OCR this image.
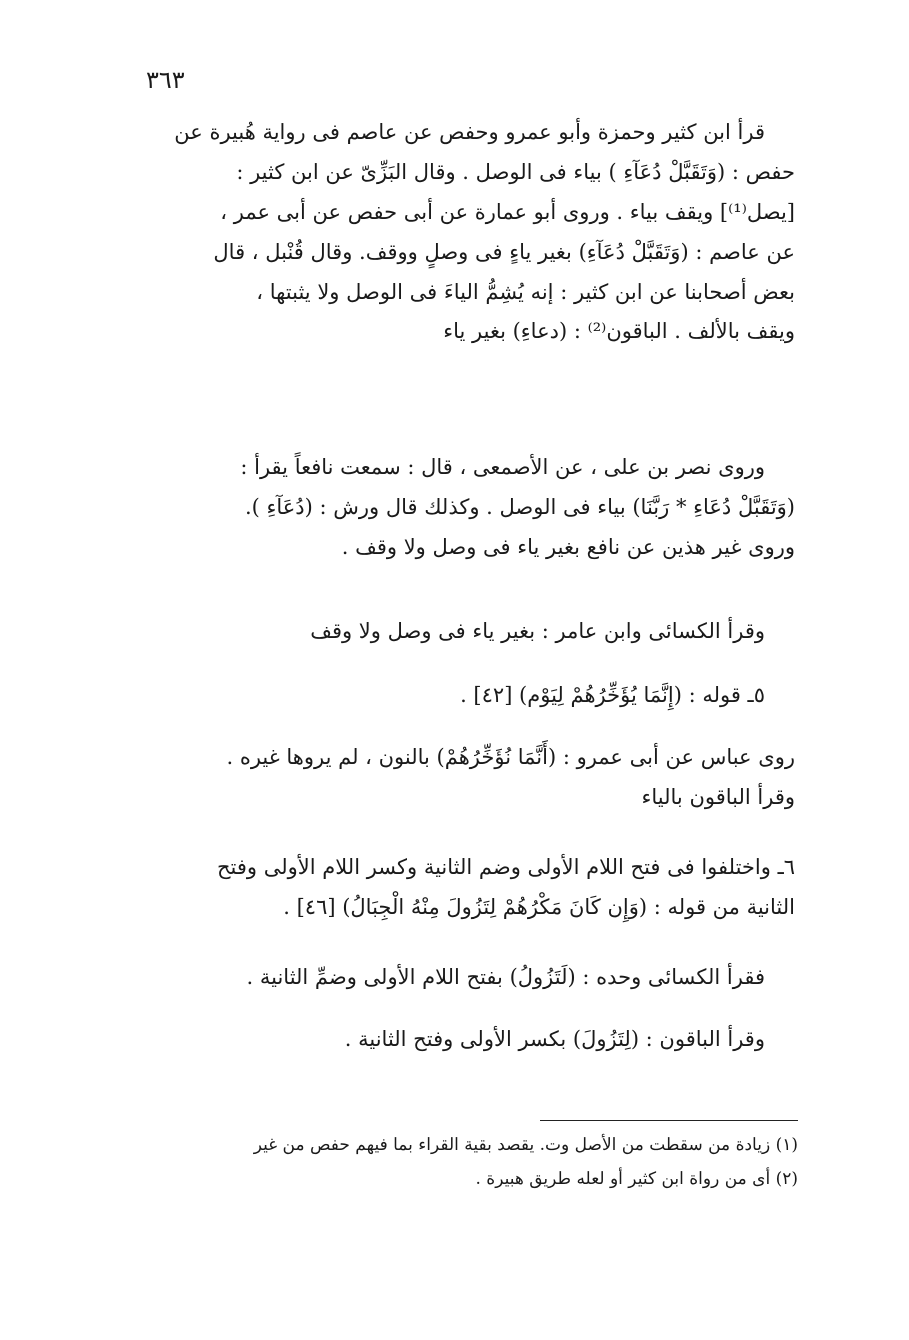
٣٦٣
قرأ ابن كثير وحمزة وأبو عمرو وحفص عن عاصم فى رواية هُبيرة عن
حفص : (وَتَقَبَّلْ دُعَآءِ ) بياء فى الوصل . وقال البَزِّىّ عن ابن كثير :
[يصل⁽¹⁾] ويقف بياء . وروى أبو عمارة عن أبى حفص عن أبى عمر ،
عن عاصم : (وَتَقَبَّلْ دُعَآءِ) بغير ياءٍ فى وصلٍ ووقف. وقال قُنْبل ، قال
بعض أصحابنا عن ابن كثير : إنه يُشِمُّ الياءَ فى الوصل ولا يثبتها ،
ويقف بالألف . الباقون⁽²⁾ : (دعاءِ) بغير ياء
وروى نصر بن على ، عن الأصمعى ، قال : سمعت نافعاً يقرأ :
(وَتَقَبَّلْ دُعَاءِ * رَبَّنَا) بياء فى الوصل . وكذلك قال ورش : (دُعَآءِ ).
وروى غير هذين عن نافع بغير ياء فى وصل ولا وقف .
وقرأ الكسائى وابن عامر : بغير ياء فى وصل ولا وقف
٥ـ قوله : (إِنَّمَا يُؤَخِّرُهُمْ لِيَوْم) [٤٢] .
روى عباس عن أبى عمرو : (أَنَّمَا نُؤَخِّرُهُمْ) بالنون ، لم يروها غيره .
وقرأ الباقون بالياء
٦ـ واختلفوا فى فتح اللام الأولى وضم الثانية وكسر اللام الأولى وفتح
الثانية من قوله : (وَإِن كَانَ مَكْرُهُمْ لِتَزُولَ مِنْهُ الْجِبَالُ) [٤٦] .
فقرأ الكسائى وحده : (لَتَزُولُ) بفتح اللام الأولى وضمِّ الثانية .
وقرأ الباقون : (لِتَزُولَ) بكسر الأولى وفتح الثانية .
(١) زيادة من سقطت من الأصل وت. يقصد بقية القراء بما فيهم حفص من غير
(٢) أى من رواة ابن كثير أو لعله طريق هبيرة .
